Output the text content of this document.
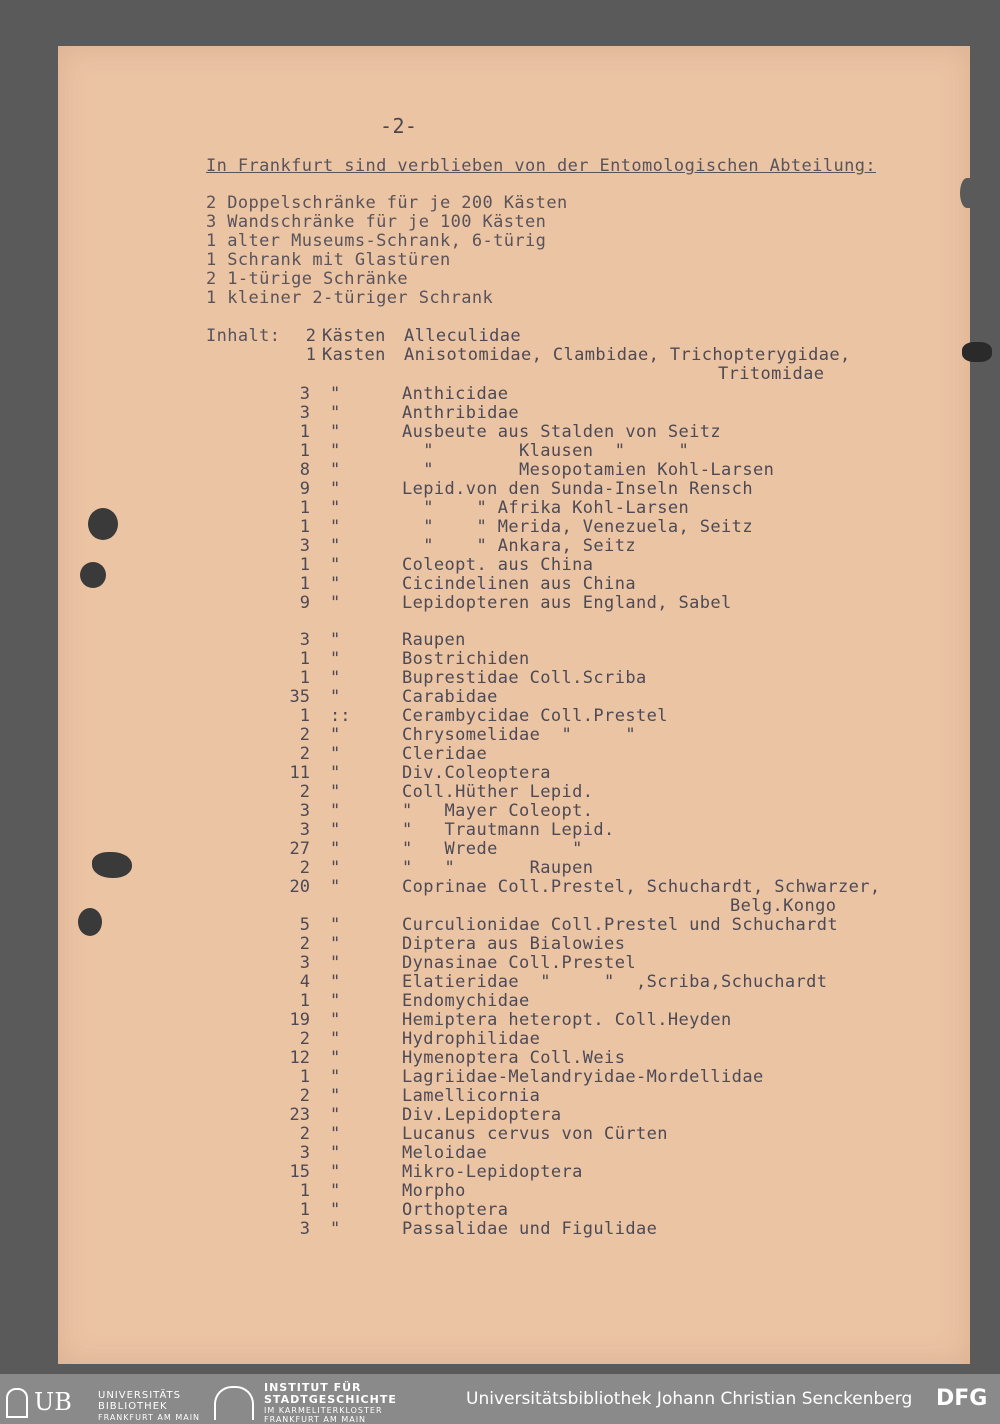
-2-
In Frankfurt sind verblieben von der Entomologischen Abteilung:
2 Doppelschränke für je 200 Kästen
3 Wandschränke für je 100 Kästen
1 alter Museums-Schrank, 6-türig
1 Schrank mit Glastüren
2 1-türige Schränke
1 kleiner 2-türiger Schrank
Inhalt:	2 Kästen Alleculidae
1 Kasten Anisotomidae, Clambidae, Trichopterygidae,
Tritomidae
3 "	Anthicidae
3 "	Anthribidae
1 "	Ausbeute aus Stalden von Seitz
1 "	"        Klausen  "     "
8 "	"        Mesopotamien Kohl-Larsen
9 "	Lepid.von den Sunda-Inseln Rensch
1 "	"    " Afrika Kohl-Larsen
1 "	"    " Merida, Venezuela, Seitz
3 "	"    " Ankara, Seitz
1 "	Coleopt. aus China
1 "	Cicindelinen aus China
9 "	Lepidopteren aus England, Sabel
3 "	Raupen
1 "	Bostrichiden
1 "	Buprestidae Coll.Scriba
35 "	Carabidae
1 ::	Cerambycidae Coll.Prestel
2 "	Chrysomelidae  "     "
2 "	Cleridae
11 "	Div.Coleoptera
2 "	Coll.Hüther Lepid.
3 "	"   Mayer Coleopt.
3 "	"   Trautmann Lepid.
27 "	"   Wrede       "
2 "	"   "       Raupen
20 "	Coprinae Coll.Prestel, Schuchardt, Schwarzer,
Belg.Kongo
5 "	Curculionidae Coll.Prestel und Schuchardt
2 "	Diptera aus Bialowies
3 "	Dynasinae Coll.Prestel
4 "	Elatieridae  "     "  ,Scriba,Schuchardt
1 "	Endomychidae
19 "	Hemiptera heteropt. Coll.Heyden
2 "	Hydrophilidae
12 "	Hymenoptera Coll.Weis
1 "	Lagriidae-Melandryidae-Mordellidae
2 "	Lamellicornia
23 "	Div.Lepidoptera
2 "	Lucanus cervus von Cürten
3 "	Meloidae
15 "	Mikro-Lepidoptera
1 "	Morpho
1 "	Orthoptera
3 "	Passalidae und Figulidae
UB	UNIVERSITÄTS
BIBLIOTHEK
FRANKFURT AM MAIN
INSTITUT FÜR
STADTGESCHICHTE
IM KARMELITERKLOSTER
FRANKFURT AM MAIN
Universitätsbibliothek Johann Christian Senckenberg DFG
